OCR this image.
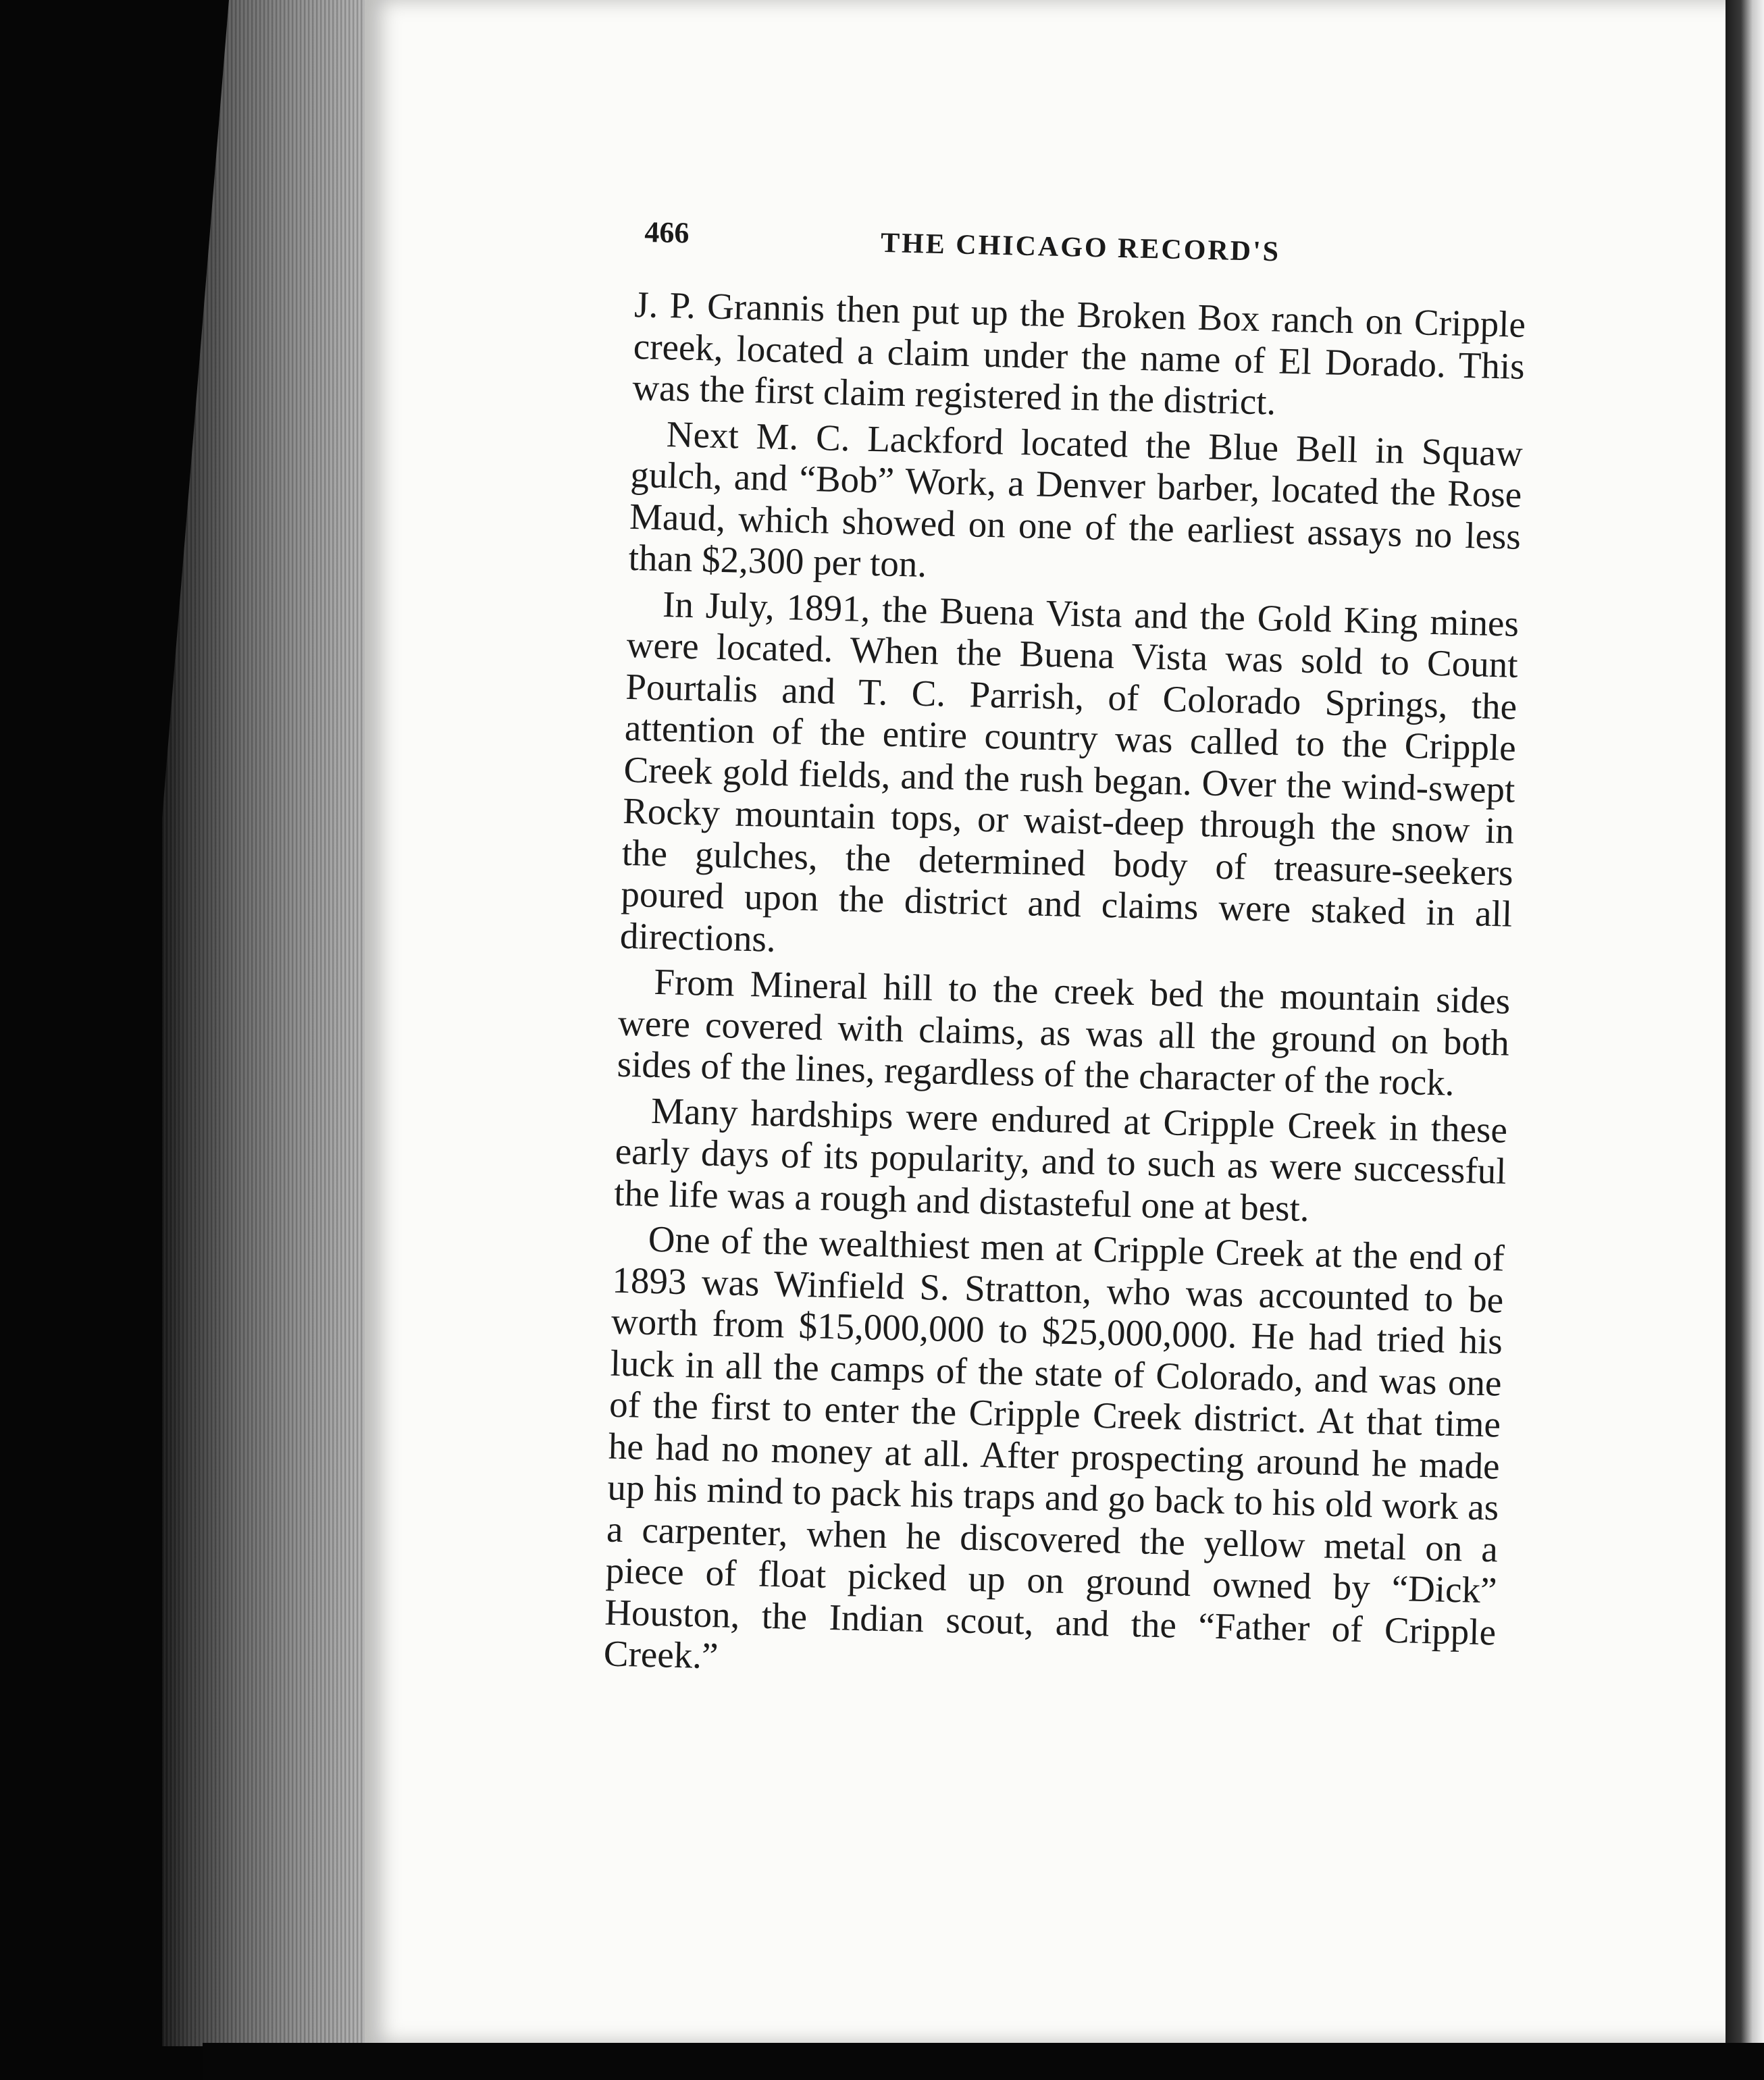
466	THE CHICAGO RECORD'S

J. P. Grannis then put up the Broken Box ranch on Cripple creek, located a claim under the name of El Dorado. This was the first claim registered in the district.

Next M. C. Lackford located the Blue Bell in Squaw gulch, and “Bob” Work, a Denver barber, located the Rose Maud, which showed on one of the earliest assays no less than $2,300 per ton.

In July, 1891, the Buena Vista and the Gold King mines were located. When the Buena Vista was sold to Count Pourtalis and T. C. Parrish, of Colorado Springs, the attention of the entire country was called to the Cripple Creek gold fields, and the rush began. Over the wind-swept Rocky mountain tops, or waist-deep through the snow in the gulches, the determined body of treasure-seekers poured upon the district and claims were staked in all directions.

From Mineral hill to the creek bed the mountain sides were covered with claims, as was all the ground on both sides of the lines, regardless of the character of the rock.

Many hardships were endured at Cripple Creek in these early days of its popularity, and to such as were successful the life was a rough and distasteful one at best.

One of the wealthiest men at Cripple Creek at the end of 1893 was Winfield S. Stratton, who was accounted to be worth from $15,000,000 to $25,000,000. He had tried his luck in all the camps of the state of Colorado, and was one of the first to enter the Cripple Creek district. At that time he had no money at all. After prospecting around he made up his mind to pack his traps and go back to his old work as a carpenter, when he discovered the yellow metal on a piece of float picked up on ground owned by “Dick” Houston, the Indian scout, and the “Father of Cripple Creek.”
